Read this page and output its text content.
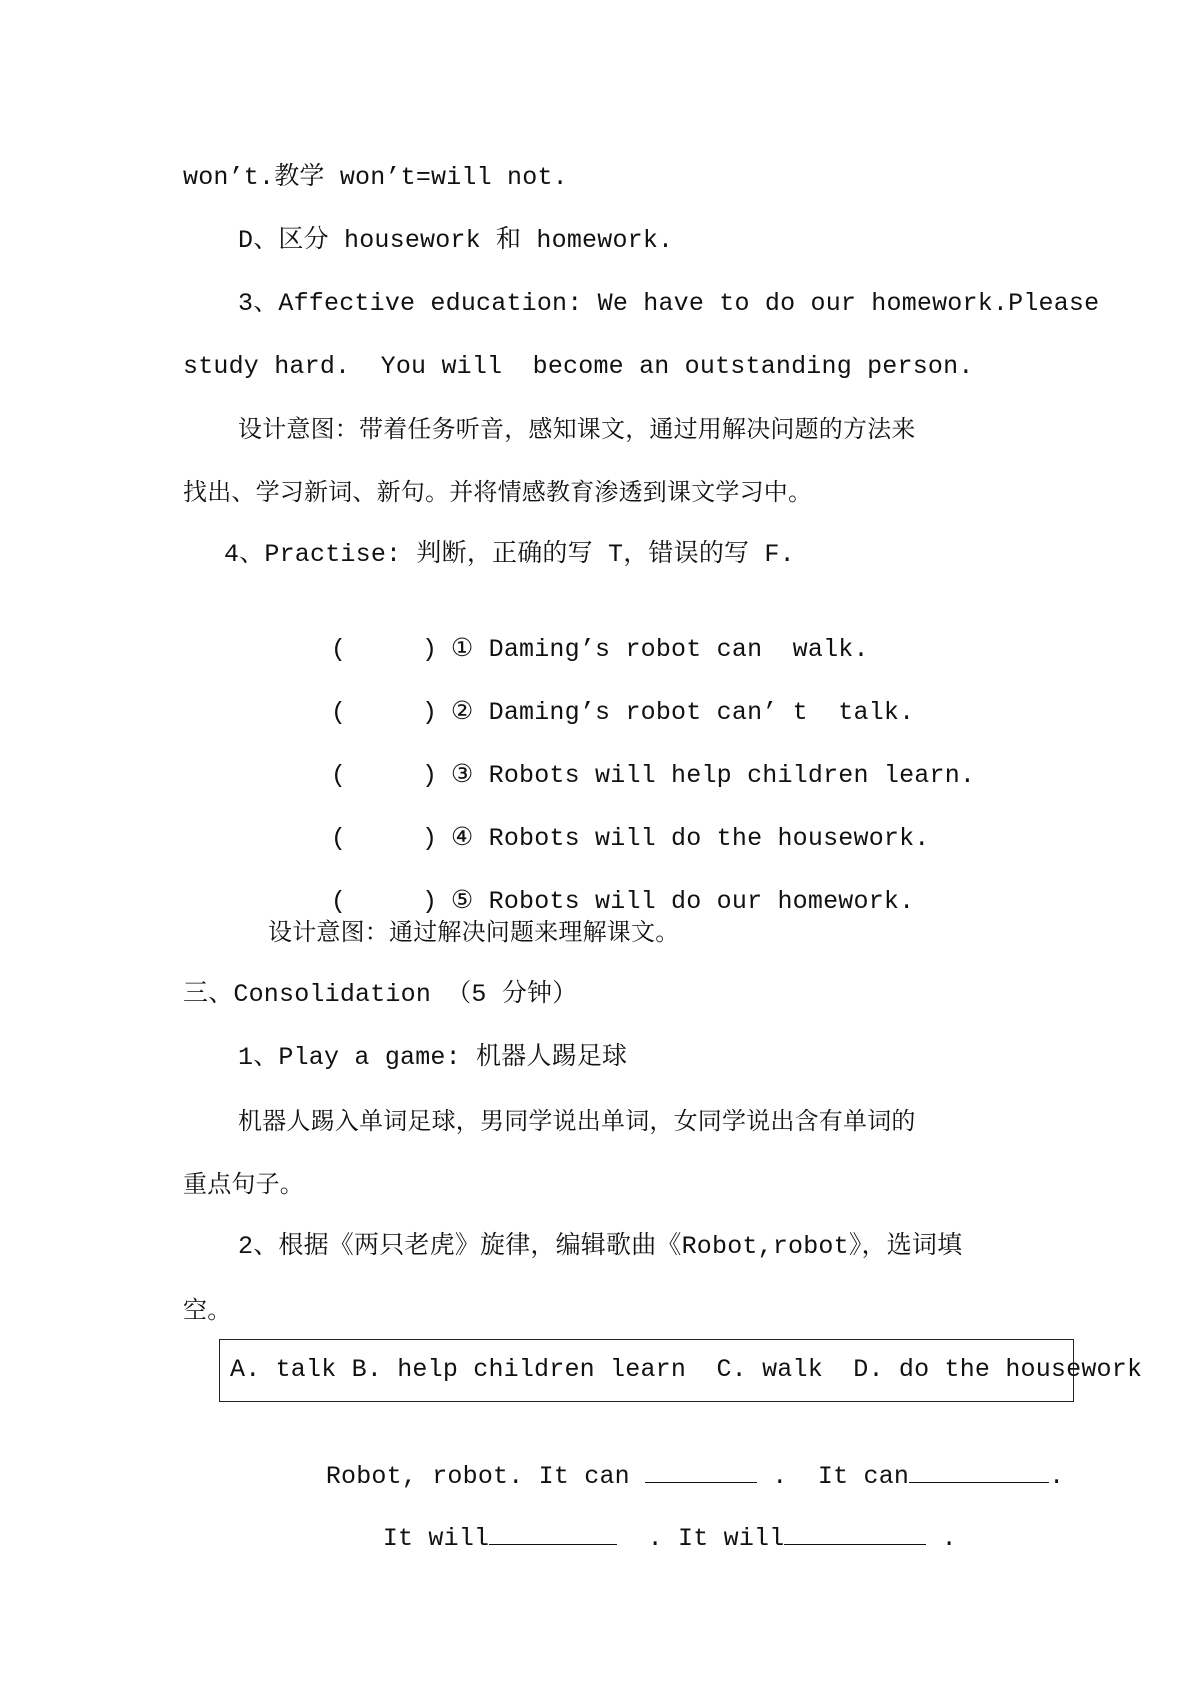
won’t.教学 won’t=will not.
D、区分 housework 和 homework.
3、Affective education: We have to do our homework.Please
study hard.  You will  become an outstanding person.
设计意图：带着任务听音，感知课文，通过用解决问题的方法来
找出、学习新词、新句。并将情感教育渗透到课文学习中。
4、Practise: 判断，正确的写 T，错误的写 F.

(     ) ① Daming’s robot can  walk.

(     ) ② Daming’s robot can’ t  talk.

(     ) ③ Robots will help children learn.

(     ) ④ Robots will do the housework.

(     ) ⑤ Robots will do our homework.

设计意图：通过解决问题来理解课文。
三、Consolidation （5 分钟）
1、Play a game: 机器人踢足球
机器人踢入单词足球，男同学说出单词，女同学说出含有单词的
重点句子。
2、根据《两只老虎》旋律，编辑歌曲《Robot,robot》，选词填
空。
A. talk B. help children learn  C. walk  D. do the housework

Robot, robot. It can	.  It can	.

It will	. It will	.
